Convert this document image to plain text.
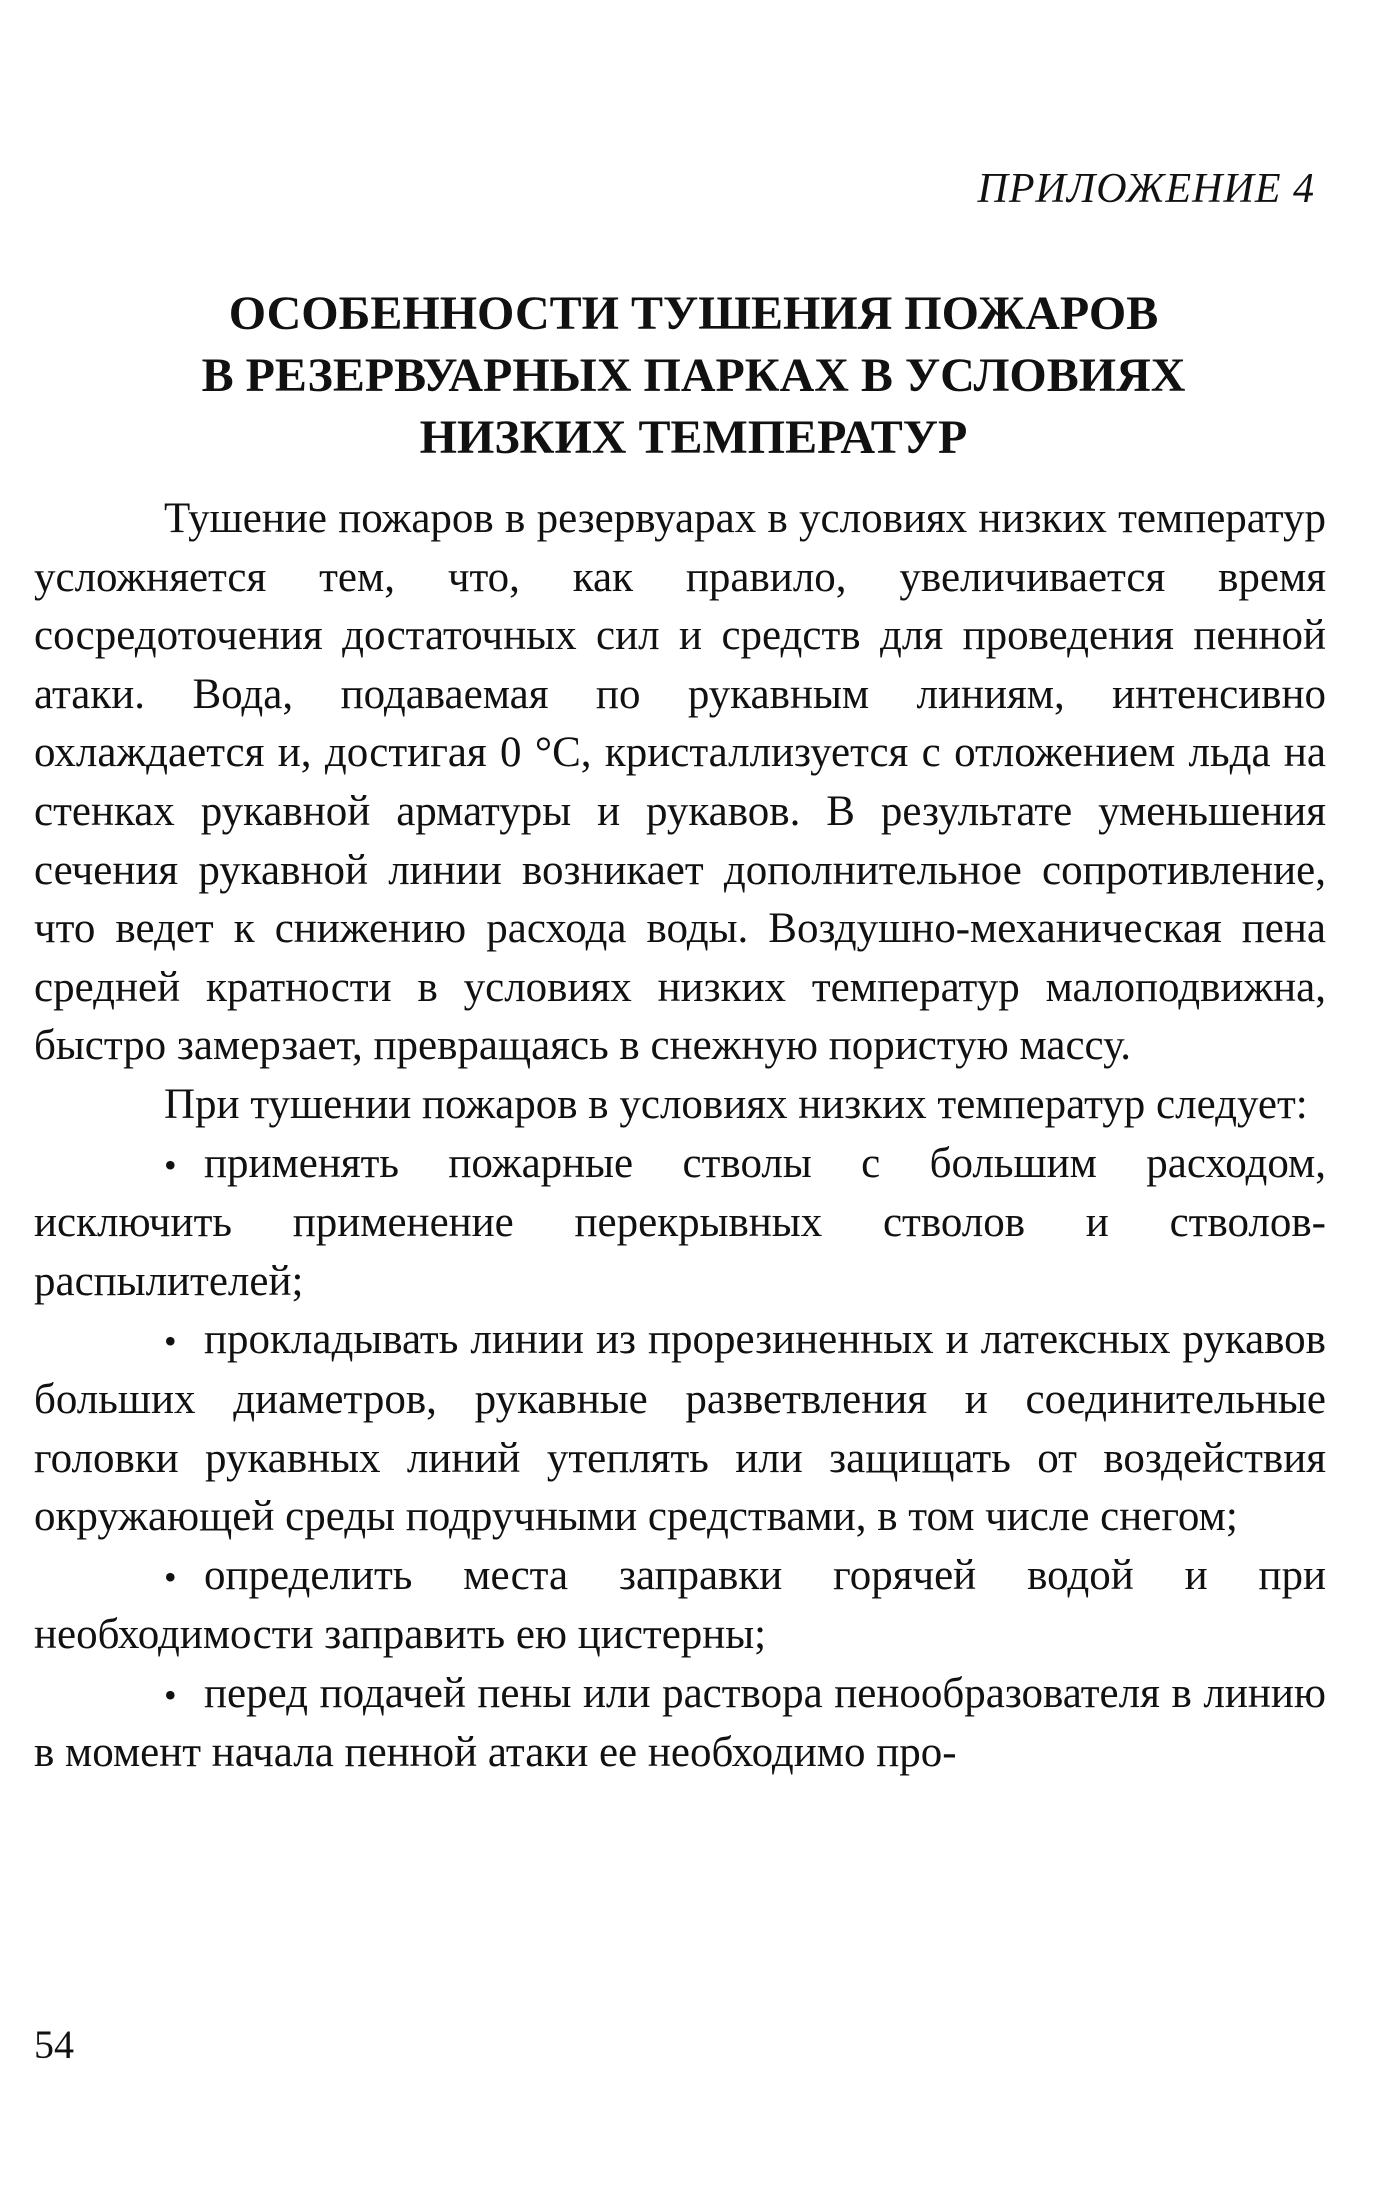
ПРИЛОЖЕНИЕ 4
ОСОБЕННОСТИ ТУШЕНИЯ ПОЖАРОВ
В РЕЗЕРВУАРНЫХ ПАРКАХ В УСЛОВИЯХ
НИЗКИХ ТЕМПЕРАТУР

Тушение пожаров в резервуарах в условиях низких температур усложняется тем, что, как правило, увеличивается время сосредоточения достаточных сил и средств для проведения пенной атаки. Вода, подаваемая по рукавным линиям, интенсивно охлаждается и, достигая 0 °С, кристаллизуется с отложением льда на стенках рукавной арматуры и рукавов. В результате уменьшения сечения рукавной линии возникает дополнительное сопротивление, что ведет к снижению расхода воды. Воздушно-механическая пена средней кратности в условиях низких температур малоподвижна, быстро замерзает, превращаясь в снежную пористую массу.

При тушении пожаров в условиях низких температур следует:

• применять пожарные стволы с большим расходом, исключить применение перекрывных стволов и стволов-распылителей;
• прокладывать линии из прорезиненных и латексных рукавов больших диаметров, рукавные разветвления и соединительные головки рукавных линий утеплять или защищать от воздействия окружающей среды подручными средствами, в том числе снегом;
• определить места заправки горячей водой и при необходимости заправить ею цистерны;
• перед подачей пены или раствора пенообразователя в линию в момент начала пенной атаки ее необходимо про-
54
